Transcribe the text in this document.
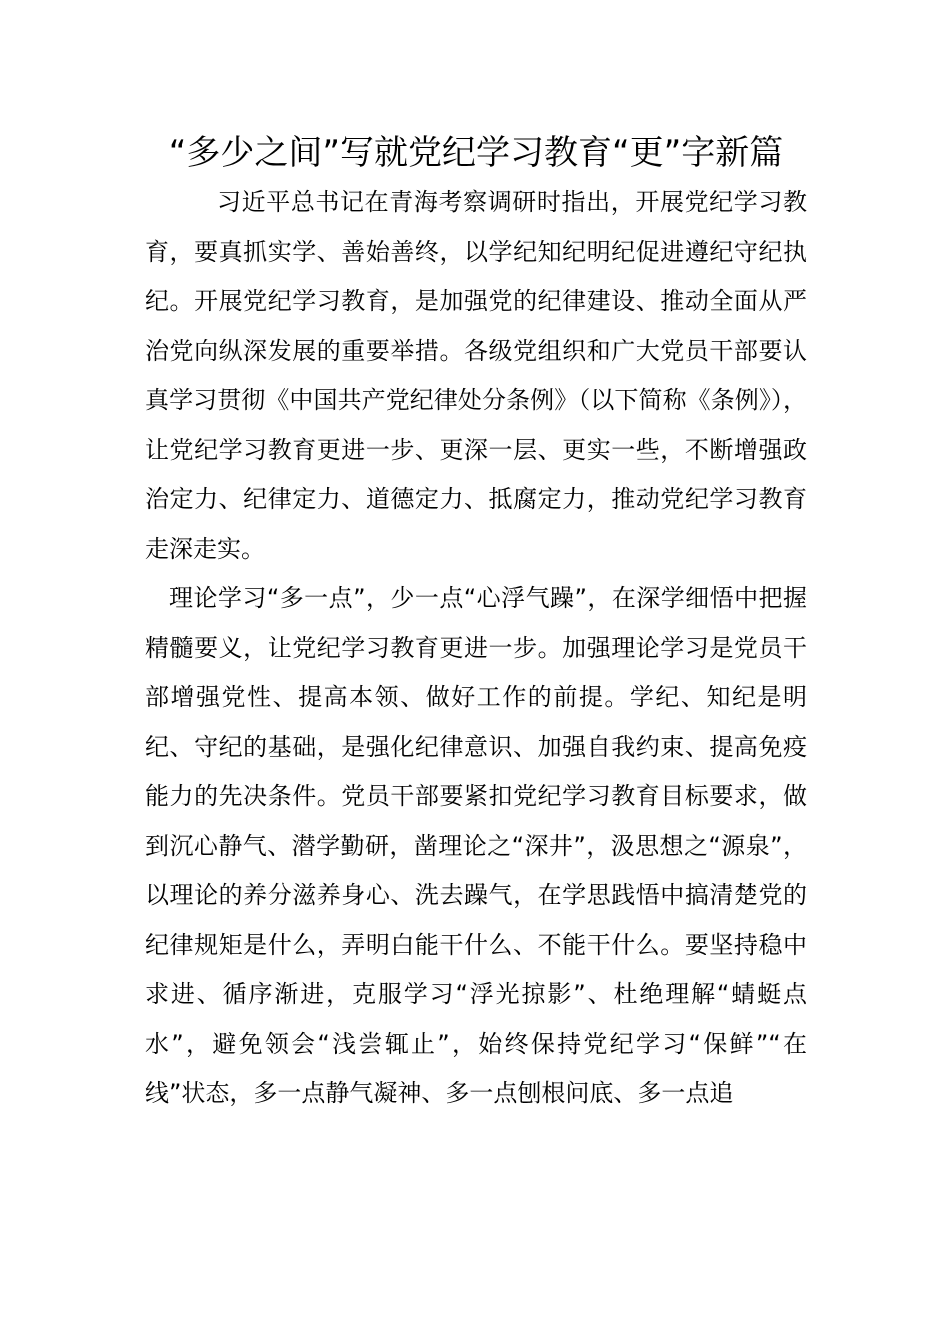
“多少之间”写就党纪学习教育“更”字新篇

习近平总书记在青海考察调研时指出，开展党纪学习教育，要真抓实学、善始善终，以学纪知纪明纪促进遵纪守纪执纪。开展党纪学习教育，是加强党的纪律建设、推动全面从严治党向纵深发展的重要举措。各级党组织和广大党员干部要认真学习贯彻《中国共产党纪律处分条例》（以下简称《条例》），让党纪学习教育更进一步、更深一层、更实一些，不断增强政治定力、纪律定力、道德定力、抵腐定力，推动党纪学习教育走深走实。

理论学习“多一点”，少一点“心浮气躁”，在深学细悟中把握精髓要义，让党纪学习教育更进一步。加强理论学习是党员干部增强党性、提高本领、做好工作的前提。学纪、知纪是明纪、守纪的基础，是强化纪律意识、加强自我约束、提高免疫能力的先决条件。党员干部要紧扣党纪学习教育目标要求，做到沉心静气、潜学勤研，凿理论之“深井”，汲思想之“源泉”，以理论的养分滋养身心、洗去躁气，在学思践悟中搞清楚党的纪律规矩是什么，弄明白能干什么、不能干什么。要坚持稳中求进、循序渐进，克服学习“浮光掠影”、杜绝理解“蜻蜓点水”，避免领会“浅尝辄止”，始终保持党纪学习“保鲜”“在线”状态，多一点静气凝神、多一点刨根问底、多一点追
